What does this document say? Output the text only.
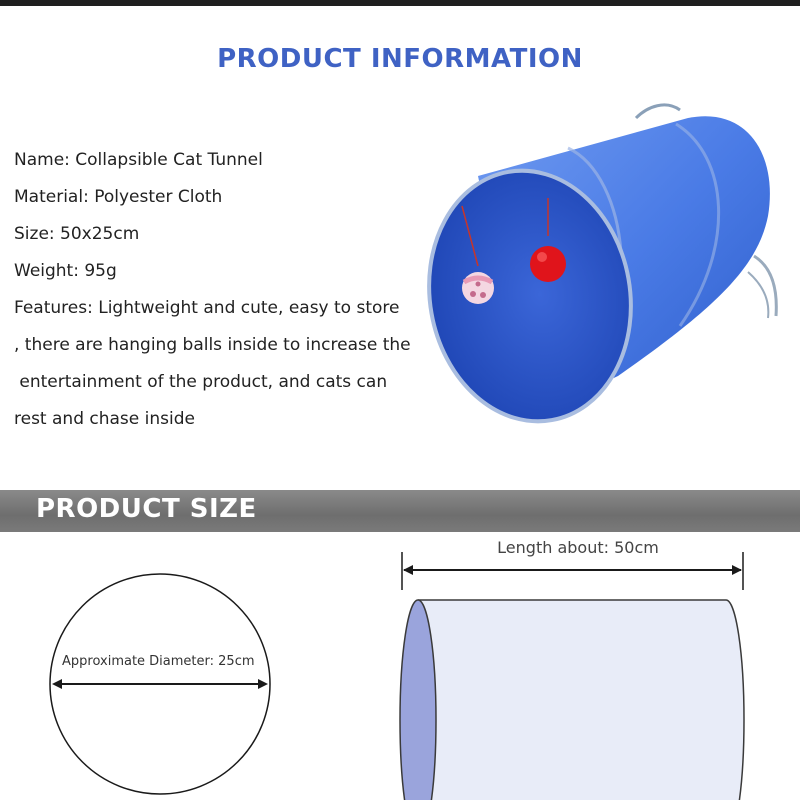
PRODUCT INFORMATION
Name: Collapsible Cat Tunnel
Material: Polyester Cloth
Size: 50x25cm
Weight: 95g
Features: Lightweight and cute, easy to store
, there are hanging balls inside to increase the
entertainment of the product, and cats can
rest and chase inside
PRODUCT SIZE

Approximate Diameter: 25cm

Length about: 50cm
